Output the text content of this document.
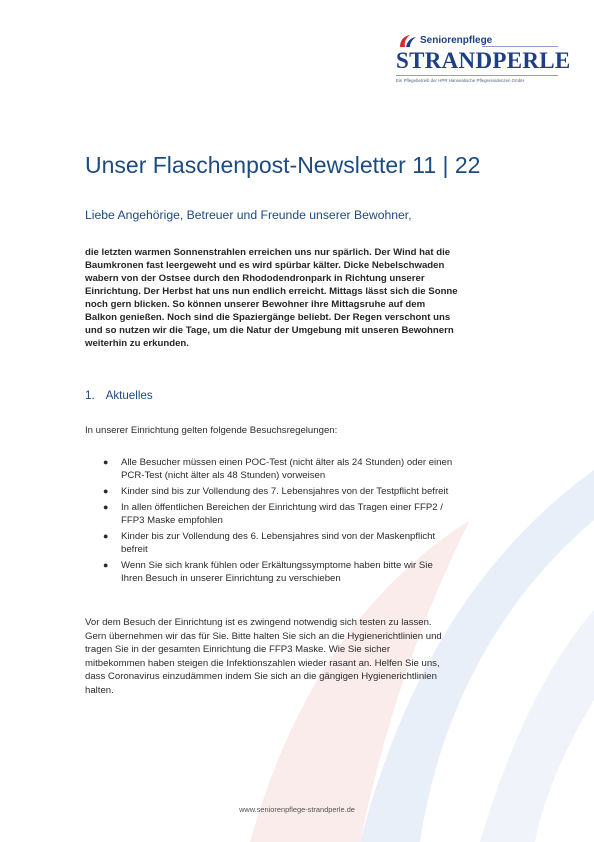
Seniorenpflege
STRANDPERLE
Ein Pflegebetrieb der HPR Hanseatische Pflegeresidenzen GmbH
Unser Flaschenpost-Newsletter 11 | 22
Liebe Angehörige, Betreuer und Freunde unserer Bewohner,
die letzten warmen Sonnenstrahlen erreichen uns nur spärlich. Der Wind hat die
Baumkronen fast leergeweht und es wird spürbar kälter. Dicke Nebelschwaden
wabern von der Ostsee durch den Rhododendronpark in Richtung unserer
Einrichtung. Der Herbst hat uns nun endlich erreicht. Mittags lässt sich die Sonne
noch gern blicken. So können unserer Bewohner ihre Mittagsruhe auf dem
Balkon genießen. Noch sind die Spaziergänge beliebt. Der Regen verschont uns
und so nutzen wir die Tage, um die Natur der Umgebung mit unseren Bewohnern
weiterhin zu erkunden.
1. Aktuelles
In unserer Einrichtung gelten folgende Besuchsregelungen:
● Alle Besucher müssen einen POC-Test (nicht älter als 24 Stunden) oder einen
PCR-Test (nicht älter als 48 Stunden) vorweisen
● Kinder sind bis zur Vollendung des 7. Lebensjahres von der Testpflicht befreit
● In allen öffentlichen Bereichen der Einrichtung wird das Tragen einer FFP2 /
FFP3 Maske empfohlen
● Kinder bis zur Vollendung des 6. Lebensjahres sind von der Maskenpflicht
befreit
● Wenn Sie sich krank fühlen oder Erkältungssymptome haben bitte wir Sie
Ihren Besuch in unserer Einrichtung zu verschieben
Vor dem Besuch der Einrichtung ist es zwingend notwendig sich testen zu lassen.
Gern übernehmen wir das für Sie. Bitte halten Sie sich an die Hygienerichtlinien und
tragen Sie in der gesamten Einrichtung die FFP3 Maske. Wie Sie sicher
mitbekommen haben steigen die Infektionszahlen wieder rasant an. Helfen Sie uns,
dass Coronavirus einzudämmen indem Sie sich an die gängigen Hygienerichtlinien
halten.
www.seniorenpflege-strandperle.de
